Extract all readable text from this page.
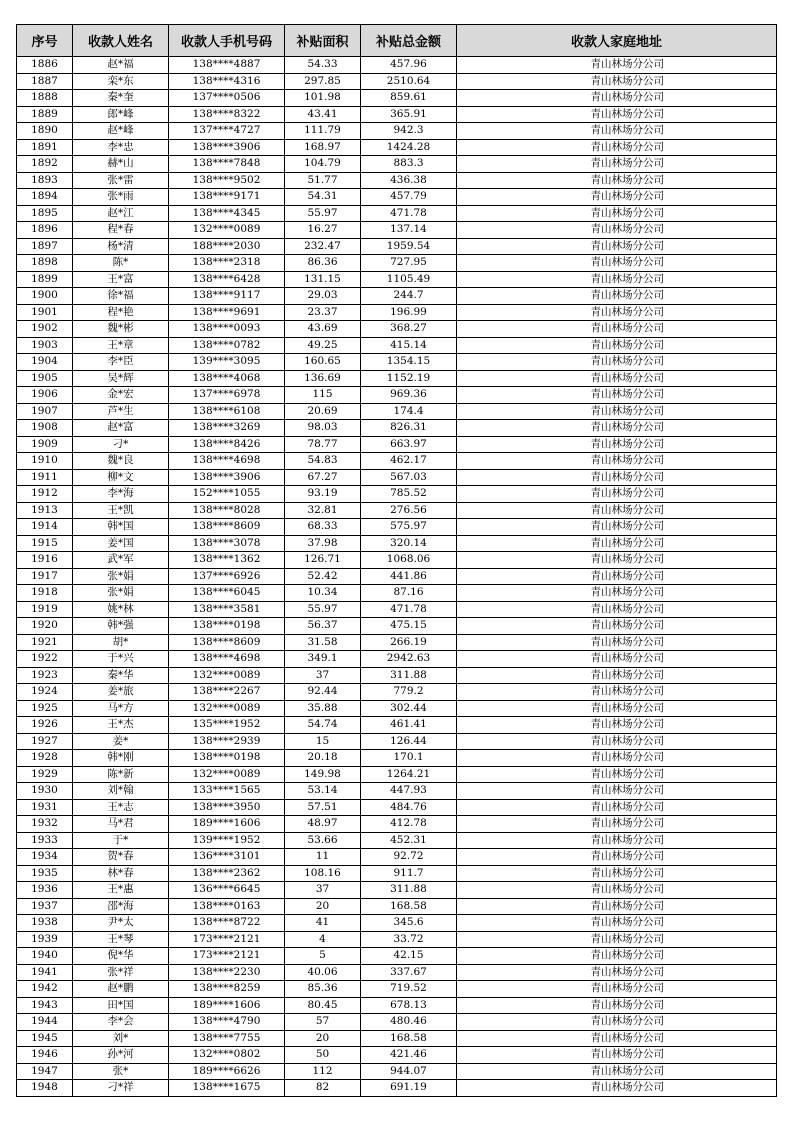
序号	收款人姓名	收款人手机号码	补贴面积	补贴总金额	收款人家庭地址
1886	赵*福	138****4887	54.33	457.96	青山林场分公司
1887	栾*东	138****4316	297.85	2510.64	青山林场分公司
1888	秦*奎	137****0506	101.98	859.61	青山林场分公司
1889	郎*峰	138****8322	43.41	365.91	青山林场分公司
1890	赵*峰	137****4727	111.79	942.3	青山林场分公司
1891	李*忠	138****3906	168.97	1424.28	青山林场分公司
1892	赫*山	138****7848	104.79	883.3	青山林场分公司
1893	张*雷	138****9502	51.77	436.38	青山林场分公司
1894	张*雨	138****9171	54.31	457.79	青山林场分公司
1895	赵*江	138****4345	55.97	471.78	青山林场分公司
1896	程*春	132****0089	16.27	137.14	青山林场分公司
1897	杨*清	188****2030	232.47	1959.54	青山林场分公司
1898	陈*	138****2318	86.36	727.95	青山林场分公司
1899	王*富	138****6428	131.15	1105.49	青山林场分公司
1900	徐*福	138****9117	29.03	244.7	青山林场分公司
1901	程*艳	138****9691	23.37	196.99	青山林场分公司
1902	魏*彬	138****0093	43.69	368.27	青山林场分公司
1903	王*章	138****0782	49.25	415.14	青山林场分公司
1904	李*臣	139****3095	160.65	1354.15	青山林场分公司
1905	吴*辉	138****4068	136.69	1152.19	青山林场分公司
1906	金*宏	137****6978	115	969.36	青山林场分公司
1907	芦*生	138****6108	20.69	174.4	青山林场分公司
1908	赵*富	138****3269	98.03	826.31	青山林场分公司
1909	刁*	138****8426	78.77	663.97	青山林场分公司
1910	魏*良	138****4698	54.83	462.17	青山林场分公司
1911	柳*文	138****3906	67.27	567.03	青山林场分公司
1912	李*海	152****1055	93.19	785.52	青山林场分公司
1913	王*凯	138****8028	32.81	276.56	青山林场分公司
1914	韩*国	138****8609	68.33	575.97	青山林场分公司
1915	姜*国	138****3078	37.98	320.14	青山林场分公司
1916	武*军	138****1362	126.71	1068.06	青山林场分公司
1917	张*娟	137****6926	52.42	441.86	青山林场分公司
1918	张*娟	138****6045	10.34	87.16	青山林场分公司
1919	姚*林	138****3581	55.97	471.78	青山林场分公司
1920	韩*强	138****0198	56.37	475.15	青山林场分公司
1921	胡*	138****8609	31.58	266.19	青山林场分公司
1922	于*兴	138****4698	349.1	2942.63	青山林场分公司
1923	秦*华	132****0089	37	311.88	青山林场分公司
1924	姜*旅	138****2267	92.44	779.2	青山林场分公司
1925	马*方	132****0089	35.88	302.44	青山林场分公司
1926	王*杰	135****1952	54.74	461.41	青山林场分公司
1927	姜*	138****2939	15	126.44	青山林场分公司
1928	韩*刚	138****0198	20.18	170.1	青山林场分公司
1929	陈*新	132****0089	149.98	1264.21	青山林场分公司
1930	刘*翰	133****1565	53.14	447.93	青山林场分公司
1931	王*志	138****3950	57.51	484.76	青山林场分公司
1932	马*君	189****1606	48.97	412.78	青山林场分公司
1933	于*	139****1952	53.66	452.31	青山林场分公司
1934	贺*春	136****3101	11	92.72	青山林场分公司
1935	林*春	138****2362	108.16	911.7	青山林场分公司
1936	王*惠	136****6645	37	311.88	青山林场分公司
1937	邵*海	138****0163	20	168.58	青山林场分公司
1938	尹*太	138****8722	41	345.6	青山林场分公司
1939	王*琴	173****2121	4	33.72	青山林场分公司
1940	倪*华	173****2121	5	42.15	青山林场分公司
1941	张*祥	138****2230	40.06	337.67	青山林场分公司
1942	赵*鹏	138****8259	85.36	719.52	青山林场分公司
1943	田*国	189****1606	80.45	678.13	青山林场分公司
1944	李*会	138****4790	57	480.46	青山林场分公司
1945	刘*	138****7755	20	168.58	青山林场分公司
1946	孙*河	132****0802	50	421.46	青山林场分公司
1947	张*	189****6626	112	944.07	青山林场分公司
1948	刁*祥	138****1675	82	691.19	青山林场分公司
